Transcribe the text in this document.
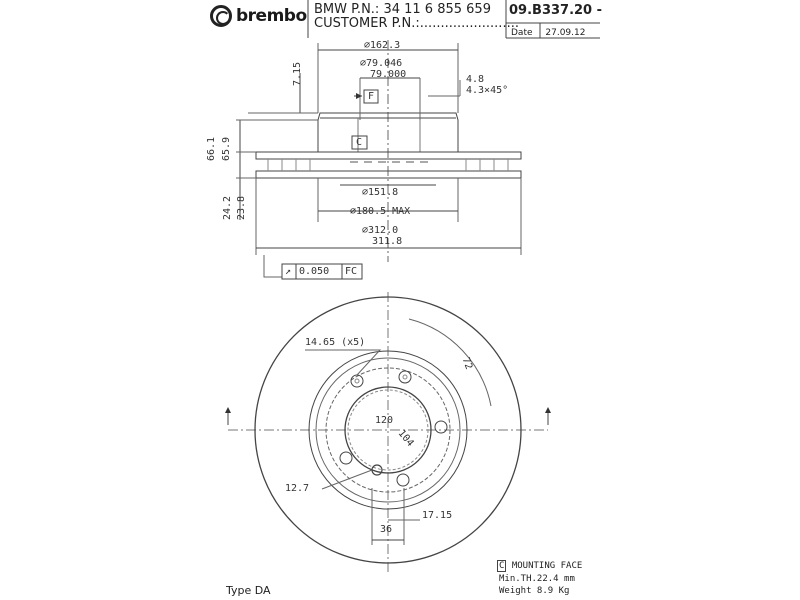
brembo BMW P.N.: 34 11 6 855 659
CUSTOMER P.N.:........................
09.B337.20 -
Date 27.09.12
⌀162.3
⌀79.046
79.000
7.15	4.8
4.3×45°
F
C
66.1 65.9
⌀151.8
⌀180.5 MAX
24.2 23.8
⌀312.0
311.8
↗ 0.050 FC
14.65 (x5)
72
120
104
12.7
17.15
36
Type DA
C MOUNTING FACE
Min.TH.22.4 mm
Weight 8.9 Kg
